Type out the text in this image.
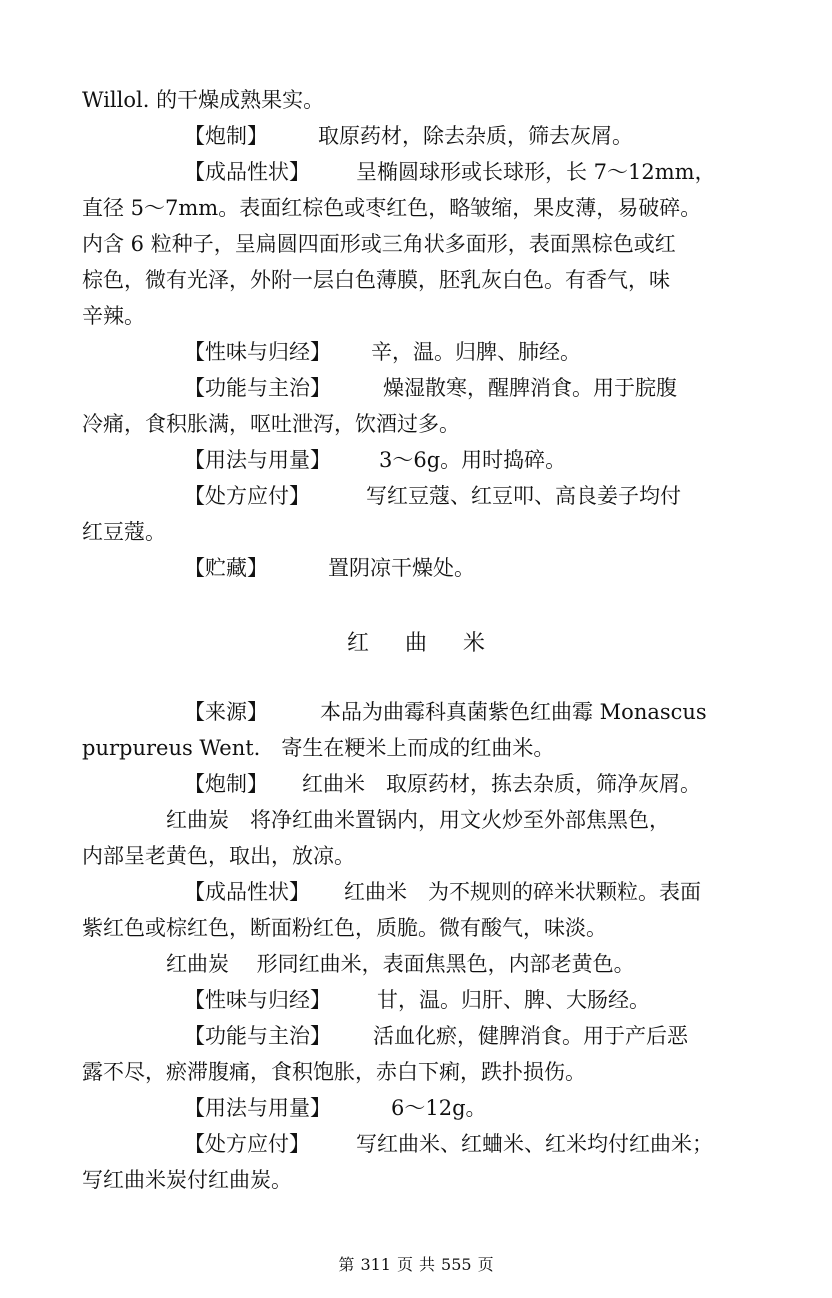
Willol. 的干燥成熟果实。
【炮制】 取原药材，除去杂质，筛去灰屑。
【成品性状】 呈椭圆球形或长球形，长 7～12mm，
直径 5～7mm。表面红棕色或枣红色，略皱缩，果皮薄，易破碎。
内含 6 粒种子，呈扁圆四面形或三角状多面形，表面黑棕色或红
棕色，微有光泽，外附一层白色薄膜，胚乳灰白色。有香气，味
辛辣。
【性味与归经】 辛，温。归脾、肺经。
【功能与主治】 燥湿散寒，醒脾消食。用于脘腹
冷痛，食积胀满，呕吐泄泻，饮酒过多。
【用法与用量】 3～6g。用时捣碎。
【处方应付】	写红豆蔻、红豆叩、高良姜子均付
红豆蔻。
【贮藏】	置阴凉干燥处。
红 曲 米
【来源】 本品为曲霉科真菌紫色红曲霉 Monascus
purpureus Went.　寄生在粳米上而成的红曲米。
【炮制】 红曲米　取原药材，拣去杂质，筛净灰屑。
红曲炭　将净红曲米置锅内，用文火炒至外部焦黑色，
内部呈老黄色，取出，放凉。
【成品性状】 红曲米　为不规则的碎米状颗粒。表面
紫红色或棕红色，断面粉红色，质脆。微有酸气，味淡。
红曲炭　 形同红曲米，表面焦黑色，内部老黄色。
【性味与归经】 甘，温。归肝、脾、大肠经。
【功能与主治】 活血化瘀，健脾消食。用于产后恶
露不尽，瘀滞腹痛，食积饱胀，赤白下痢，跌扑损伤。
【用法与用量】	6～12g。
【处方应付】 写红曲米、红蛐米、红米均付红曲米；
写红曲米炭付红曲炭。
第 311 页 共 555 页
